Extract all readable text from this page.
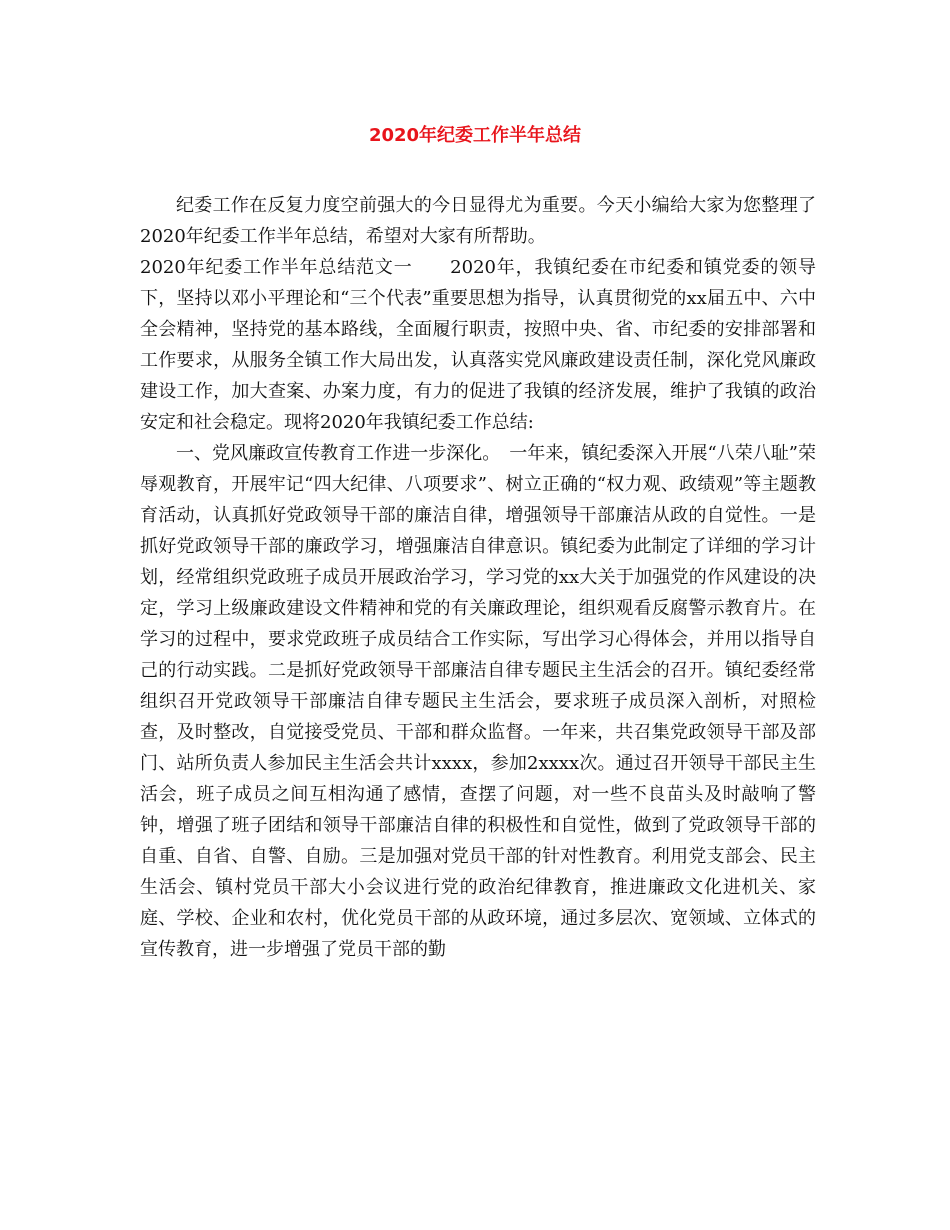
2020年纪委工作半年总结

纪委工作在反复力度空前强大的今日显得尤为重要。今天小编给大家为您整理了2020年纪委工作半年总结，希望对大家有所帮助。

2020年纪委工作半年总结范文一　　2020年，我镇纪委在市纪委和镇党委的领导下，坚持以邓小平理论和“三个代表”重要思想为指导，认真贯彻党的xx届五中、六中全会精神，坚持党的基本路线，全面履行职责，按照中央、省、市纪委的安排部署和工作要求，从服务全镇工作大局出发，认真落实党风廉政建设责任制，深化党风廉政建设工作，加大查案、办案力度，有力的促进了我镇的经济发展，维护了我镇的政治安定和社会稳定。现将2020年我镇纪委工作总结:

一、党风廉政宣传教育工作进一步深化。　一年来，镇纪委深入开展“八荣八耻”荣辱观教育，开展牢记“四大纪律、八项要求”、树立正确的“权力观、政绩观”等主题教育活动，认真抓好党政领导干部的廉洁自律，增强领导干部廉洁从政的自觉性。一是抓好党政领导干部的廉政学习，增强廉洁自律意识。镇纪委为此制定了详细的学习计划，经常组织党政班子成员开展政治学习，学习党的xx大关于加强党的作风建设的决定，学习上级廉政建设文件精神和党的有关廉政理论，组织观看反腐警示教育片。在学习的过程中，要求党政班子成员结合工作实际，写出学习心得体会，并用以指导自己的行动实践。二是抓好党政领导干部廉洁自律专题民主生活会的召开。镇纪委经常组织召开党政领导干部廉洁自律专题民主生活会，要求班子成员深入剖析，对照检查，及时整改，自觉接受党员、干部和群众监督。一年来，共召集党政领导干部及部门、站所负责人参加民主生活会共计xxxx，参加2xxxx次。通过召开领导干部民主生活会，班子成员之间互相沟通了感情，查摆了问题，对一些不良苗头及时敲响了警钟，增强了班子团结和领导干部廉洁自律的积极性和自觉性，做到了党政领导干部的自重、自省、自警、自励。三是加强对党员干部的针对性教育。利用党支部会、民主生活会、镇村党员干部大小会议进行党的政治纪律教育，推进廉政文化进机关、家庭、学校、企业和农村，优化党员干部的从政环境，通过多层次、宽领域、立体式的宣传教育，进一步增强了党员干部的勤
